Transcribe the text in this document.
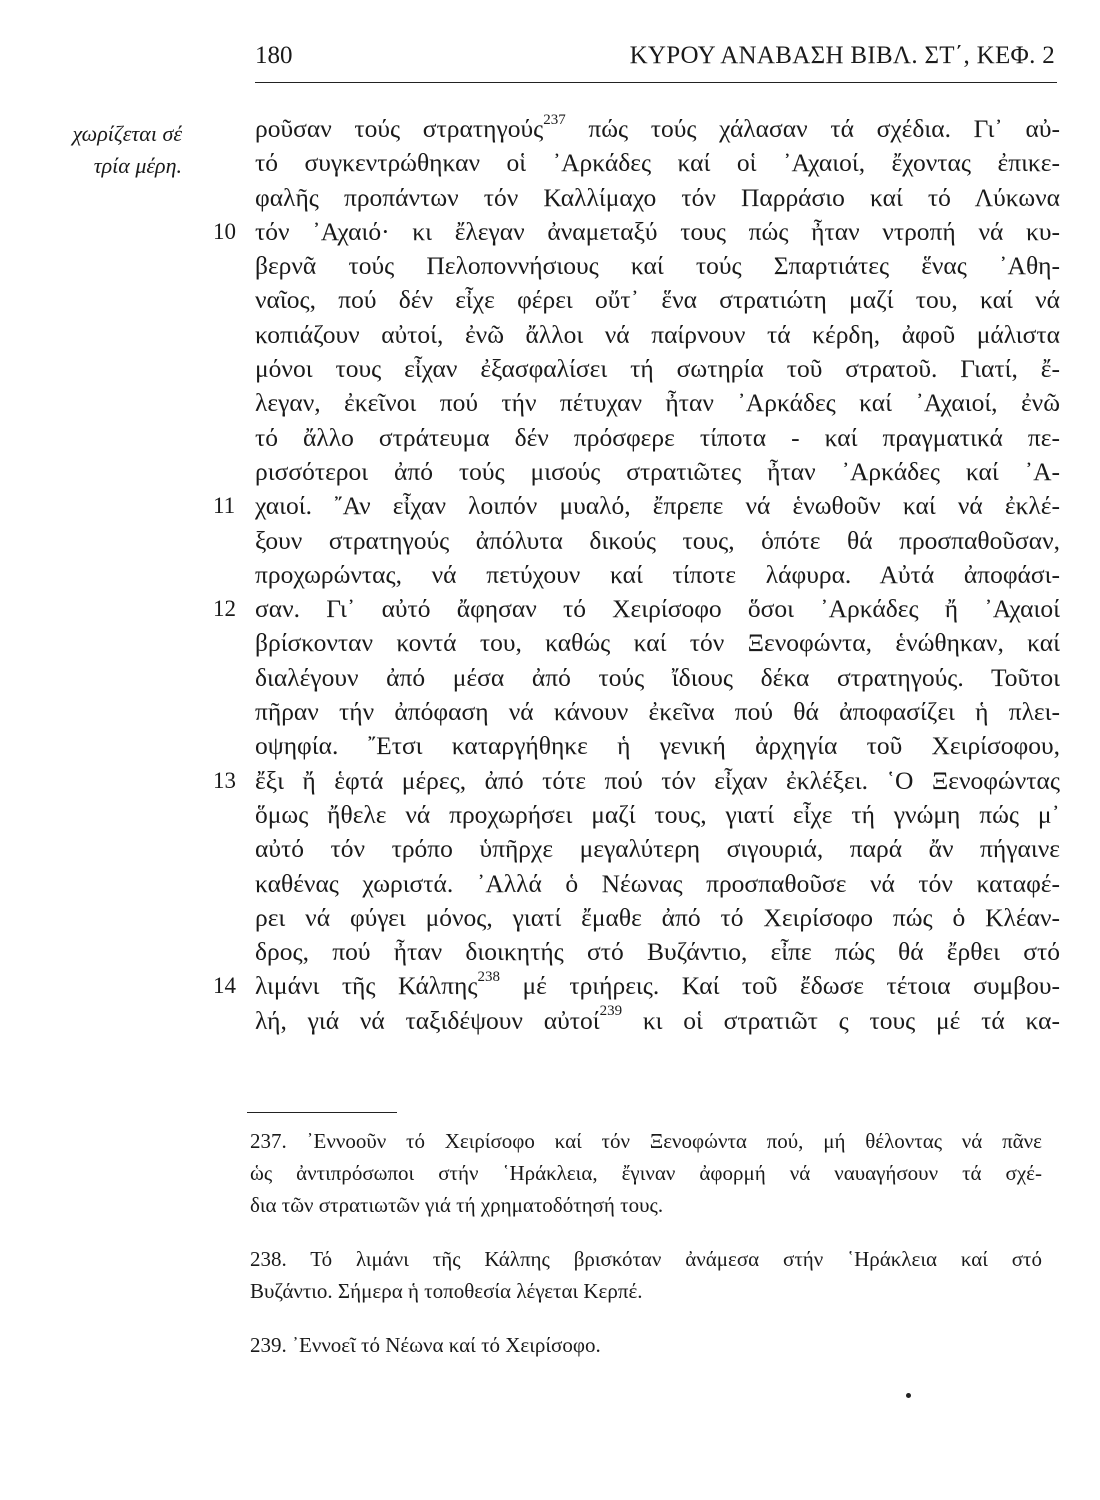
180	ΚΥΡΟΥ ΑΝΑΒΑΣΗ ΒΙΒΛ. ΣΤ΄, ΚΕΦ. 2
χωρίζεται σέ
τρία μέρη.
ροῦσαν τούς στρατηγούς$^{237}$ πώς τούς χάλασαν τά σχέδια. Γι᾽ αὐ-
τό συγκεντρώθηκαν οἱ ᾽Αρκάδες καί οἱ ᾽Αχαιοί, ἔχοντας ἐπικε-
φαλῆς προπάντων τόν Καλλίμαχο τόν Παρράσιο καί τό Λύκωνα
10 τόν ᾽Αχαιό· κι ἔλεγαν ἀναμεταξύ τους πώς ἦταν ντροπή νά κυ-
βερνᾶ τούς Πελοποννήσιους καί τούς Σπαρτιάτες ἕνας ᾽Αθη-
ναῖος, πού δέν εἶχε φέρει οὔτ᾽ ἕνα στρατιώτη μαζί του, καί νά
κοπιάζουν αὐτοί, ἐνῶ ἄλλοι νά παίρνουν τά κέρδη, ἀφοῦ μάλιστα
μόνοι τους εἶχαν ἐξασφαλίσει τή σωτηρία τοῦ στρατοῦ. Γιατί, ἔ-
λεγαν, ἐκεῖνοι πού τήν πέτυχαν ἦταν ᾽Αρκάδες καί ᾽Αχαιοί, ἐνῶ
τό ἄλλο στράτευμα δέν πρόσφερε τίποτα - καί πραγματικά πε-
ρισσότεροι ἀπό τούς μισούς στρατιῶτες ἦταν ᾽Αρκάδες καί ᾽Α-
11 χαιοί. ῎Αν εἶχαν λοιπόν μυαλό, ἔπρεπε νά ἑνωθοῦν καί νά ἐκλέ-
ξουν στρατηγούς ἀπόλυτα δικούς τους, ὁπότε θά προσπαθοῦσαν,
προχωρώντας, νά πετύχουν καί τίποτε λάφυρα. Αὐτά ἀποφάσι-
12 σαν. Γι᾽ αὐτό ἄφησαν τό Χειρίσοφο ὅσοι ᾽Αρκάδες ἤ ᾽Αχαιοί
βρίσκονταν κοντά του, καθώς καί τόν Ξενοφώντα, ἑνώθηκαν, καί
διαλέγουν ἀπό μέσα ἀπό τούς ἴδιους δέκα στρατηγούς. Τοῦτοι
πῆραν τήν ἀπόφαση νά κάνουν ἐκεῖνα πού θά ἀποφασίζει ἡ πλει-
οψηφία. ῎Ετσι καταργήθηκε ἡ γενική ἀρχηγία τοῦ Χειρίσοφου,
13 ἔξι ἤ ἑφτά μέρες, ἀπό τότε πού τόν εἶχαν ἐκλέξει. ῾Ο Ξενοφώντας
ὅμως ἤθελε νά προχωρήσει μαζί τους, γιατί εἶχε τή γνώμη πώς μ᾽
αὐτό τόν τρόπο ὑπῆρχε μεγαλύτερη σιγουριά, παρά ἄν πήγαινε
καθένας χωριστά. ᾽Αλλά ὁ Νέωνας προσπαθοῦσε νά τόν καταφέ-
ρει νά φύγει μόνος, γιατί ἔμαθε ἀπό τό Χειρίσοφο πώς ὁ Κλέαν-
δρος, πού ἦταν διοικητής στό Βυζάντιο, εἶπε πώς θά ἔρθει στό
14 λιμάνι τῆς Κάλπης$^{238}$ μέ τριήρεις. Καί τοῦ ἔδωσε τέτοια συμβου-
λή, γιά νά ταξιδέψουν αὐτοί$^{239}$ κι οἱ στρατιῶτ ς τους μέ τά κα-
237. ᾽Εννοοῦν τό Χειρίσοφο καί τόν Ξενοφώντα πού, μή θέλοντας νά πᾶνε
ὡς ἀντιπρόσωποι στήν ῾Ηράκλεια, ἔγιναν ἀφορμή νά ναυαγήσουν τά σχέ-
δια τῶν στρατιωτῶν γιά τή χρηματοδότησή τους.
238. Τό λιμάνι τῆς Κάλπης βρισκόταν ἀνάμεσα στήν ῾Ηράκλεια καί στό
Βυζάντιο. Σήμερα ἡ τοποθεσία λέγεται Κερπέ.
239. ᾽Εννοεῖ τό Νέωνα καί τό Χειρίσοφο.
